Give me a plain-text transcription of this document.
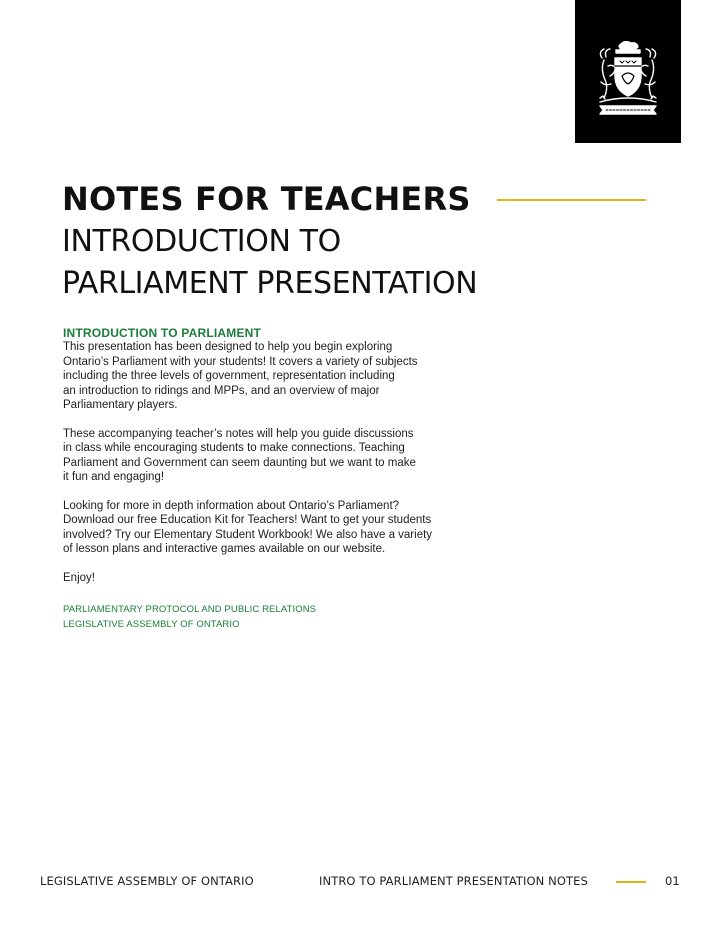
NOTES FOR TEACHERS
INTRODUCTION TO
PARLIAMENT PRESENTATION
INTRODUCTION TO PARLIAMENT

This presentation has been designed to help you begin exploring
Ontario’s Parliament with your students! It covers a variety of subjects
including the three levels of government, representation including
an introduction to ridings and MPPs, and an overview of major
Parliamentary players.

These accompanying teacher’s notes will help you guide discussions
in class while encouraging students to make connections. Teaching
Parliament and Government can seem daunting but we want to make
it fun and engaging!

Looking for more in depth information about Ontario’s Parliament?
Download our free Education Kit for Teachers! Want to get your students
involved? Try our Elementary Student Workbook! We also have a variety
of lesson plans and interactive games available on our website.

Enjoy!

PARLIAMENTARY PROTOCOL AND PUBLIC RELATIONS
LEGISLATIVE ASSEMBLY OF ONTARIO
LEGISLATIVE ASSEMBLY OF ONTARIO	INTRO TO PARLIAMENT PRESENTATION NOTES	01
